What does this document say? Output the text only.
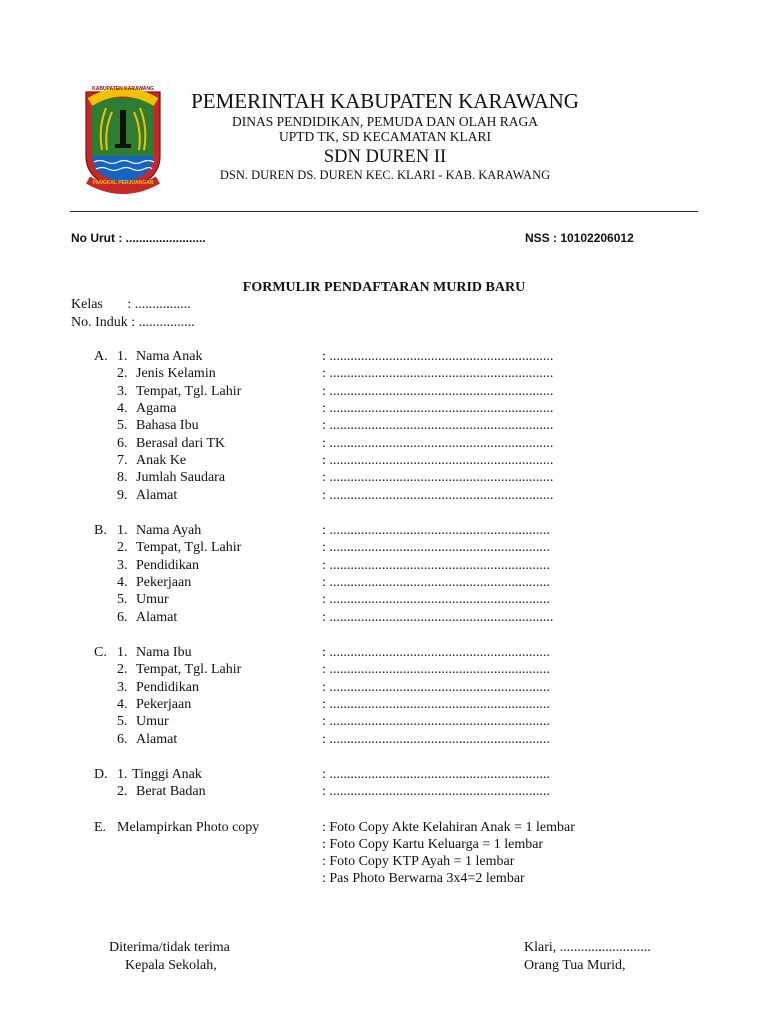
KABUPATEN KARAWANG
PANGKAL PERJUANGAN
PEMERINTAH KABUPATEN KARAWANG
DINAS PENDIDIKAN, PEMUDA DAN OLAH RAGA
UPTD TK, SD KECAMATAN KLARI
SDN DUREN II
DSN. DUREN DS. DUREN KEC. KLARI - KAB. KARAWANG
No Urut : ........................	NSS : 10102206012
FORMULIR PENDAFTARAN MURID BARU
Kelas       : ................
No. Induk : ................
A. 1. Nama Anak	: ................................................................
2. Jenis Kelamin	: ................................................................
3. Tempat, Tgl. Lahir	: ................................................................
4. Agama	: ................................................................
5. Bahasa Ibu	: ................................................................
6. Berasal dari TK	: ................................................................
7. Anak Ke	: ................................................................
8. Jumlah Saudara	: ................................................................
9. Alamat	: ................................................................
B. 1. Nama Ayah	: ...............................................................
2. Tempat, Tgl. Lahir	: ...............................................................
3. Pendidikan	: ...............................................................
4. Pekerjaan	: ...............................................................
5. Umur	: ...............................................................
6. Alamat	: ................................................................
C. 1. Nama Ibu	: ...............................................................
2. Tempat, Tgl. Lahir	: ...............................................................
3. Pendidikan	: ...............................................................
4. Pekerjaan	: ...............................................................
5. Umur	: ...............................................................
6. Alamat	: ...............................................................
D. 1. Tinggi Anak	: ...............................................................
2. Berat Badan	: ...............................................................
E. Melampirkan Photo copy	: Foto Copy Akte Kelahiran Anak = 1 lembar
: Foto Copy Kartu Keluarga = 1 lembar
: Foto Copy KTP Ayah = 1 lembar
: Pas Photo Berwarna 3x4=2 lembar
Diterima/tidak terima
Kepala Sekolah,
Klari, ..........................
Orang Tua Murid,
